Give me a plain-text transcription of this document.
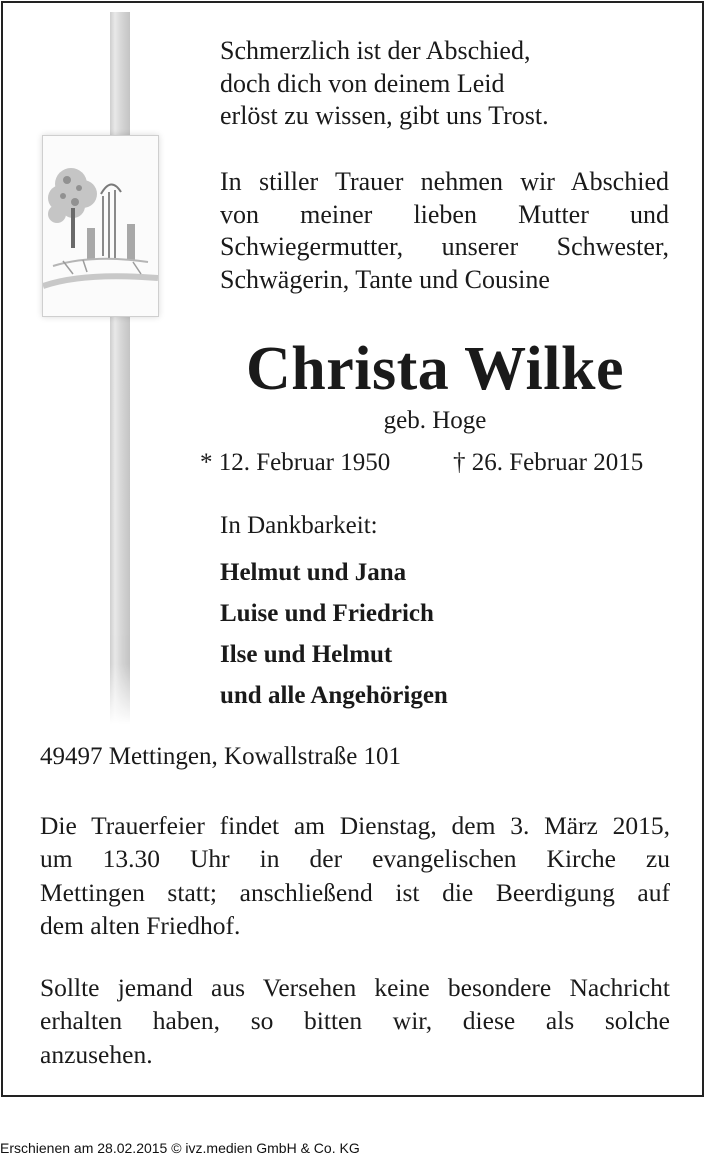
Schmerzlich ist der Abschied,
doch dich von deinem Leid
erlöst zu wissen, gibt uns Trost.
In stiller Trauer nehmen wir Abschied
von meiner lieben Mutter und
Schwiegermutter, unserer Schwester,
Schwägerin, Tante und Cousine
Christa Wilke
geb. Hoge
* 12. Februar 1950	† 26. Februar 2015
In Dankbarkeit:
Helmut und Jana
Luise und Friedrich
Ilse und Helmut
und alle Angehörigen
49497 Mettingen, Kowallstraße 101
Die Trauerfeier findet am Dienstag, dem 3. März 2015,
um 13.30 Uhr in der evangelischen Kirche zu
Mettingen statt; anschließend ist die Beerdigung auf
dem alten Friedhof.
Sollte jemand aus Versehen keine besondere Nachricht
erhalten haben, so bitten wir, diese als solche
anzusehen.
Erschienen am 28.02.2015 © ivz.medien GmbH & Co. KG
